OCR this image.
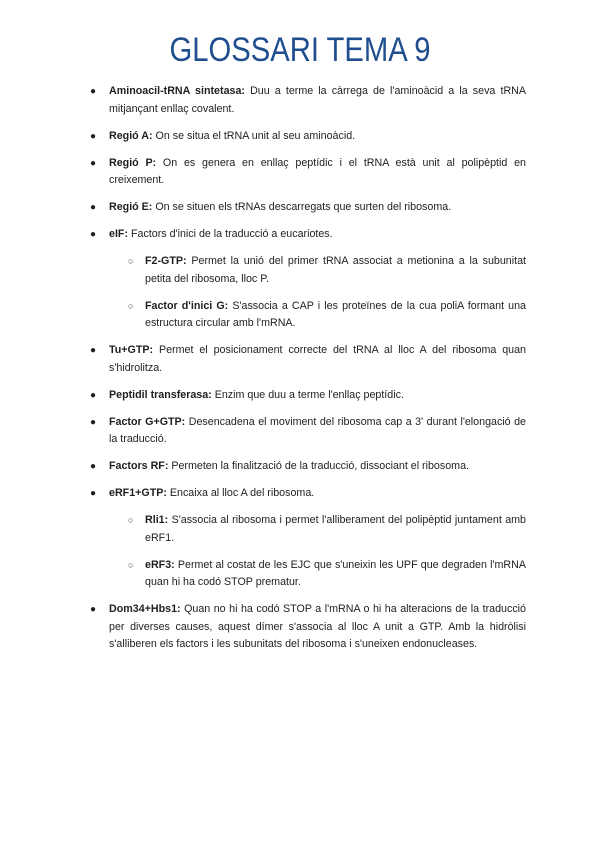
GLOSSARI TEMA 9
● Aminoacil-tRNA sintetasa: Duu a terme la càrrega de l'aminoàcid a la seva tRNA mitjançant enllaç covalent.
● Regió A: On se situa el tRNA unit al seu aminoàcid.
● Regió P: On es genera en enllaç peptídic i el tRNA està unit al polipèptid en creixement.
● Regió E: On se situen els tRNAs descarregats que surten del ribosoma.
● eIF: Factors d'inici de la traducció a eucariotes.
○ F2-GTP: Permet la unió del primer tRNA associat a metionina a la subunitat petita del ribosoma, lloc P.
○ Factor d'inici G: S'associa a CAP i les proteïnes de la cua poliA formant una estructura circular amb l'mRNA.
● Tu+GTP: Permet el posicionament correcte del tRNA al lloc A del ribosoma quan s'hidrolitza.
● Peptidil transferasa: Enzim que duu a terme l'enllaç peptídic.
● Factor G+GTP: Desencadena el moviment del ribosoma cap a 3' durant l'elongació de la traducció.
● Factors RF: Permeten la finalització de la traducció, dissociant el ribosoma.
● eRF1+GTP: Encaixa al lloc A del ribosoma.
○ Rli1: S'associa al ribosoma i permet l'alliberament del polipèptid juntament amb eRF1.
○ eRF3: Permet al costat de les EJC que s'uneixin les UPF que degraden l'mRNA quan hi ha codó STOP prematur.
● Dom34+Hbs1: Quan no hi ha codó STOP a l'mRNA o hi ha alteracions de la traducció per diverses causes, aquest dímer s'associa al lloc A unit a GTP. Amb la hidròlisi s'alliberen els factors i les subunitats del ribosoma i s'uneixen endonucleases.
